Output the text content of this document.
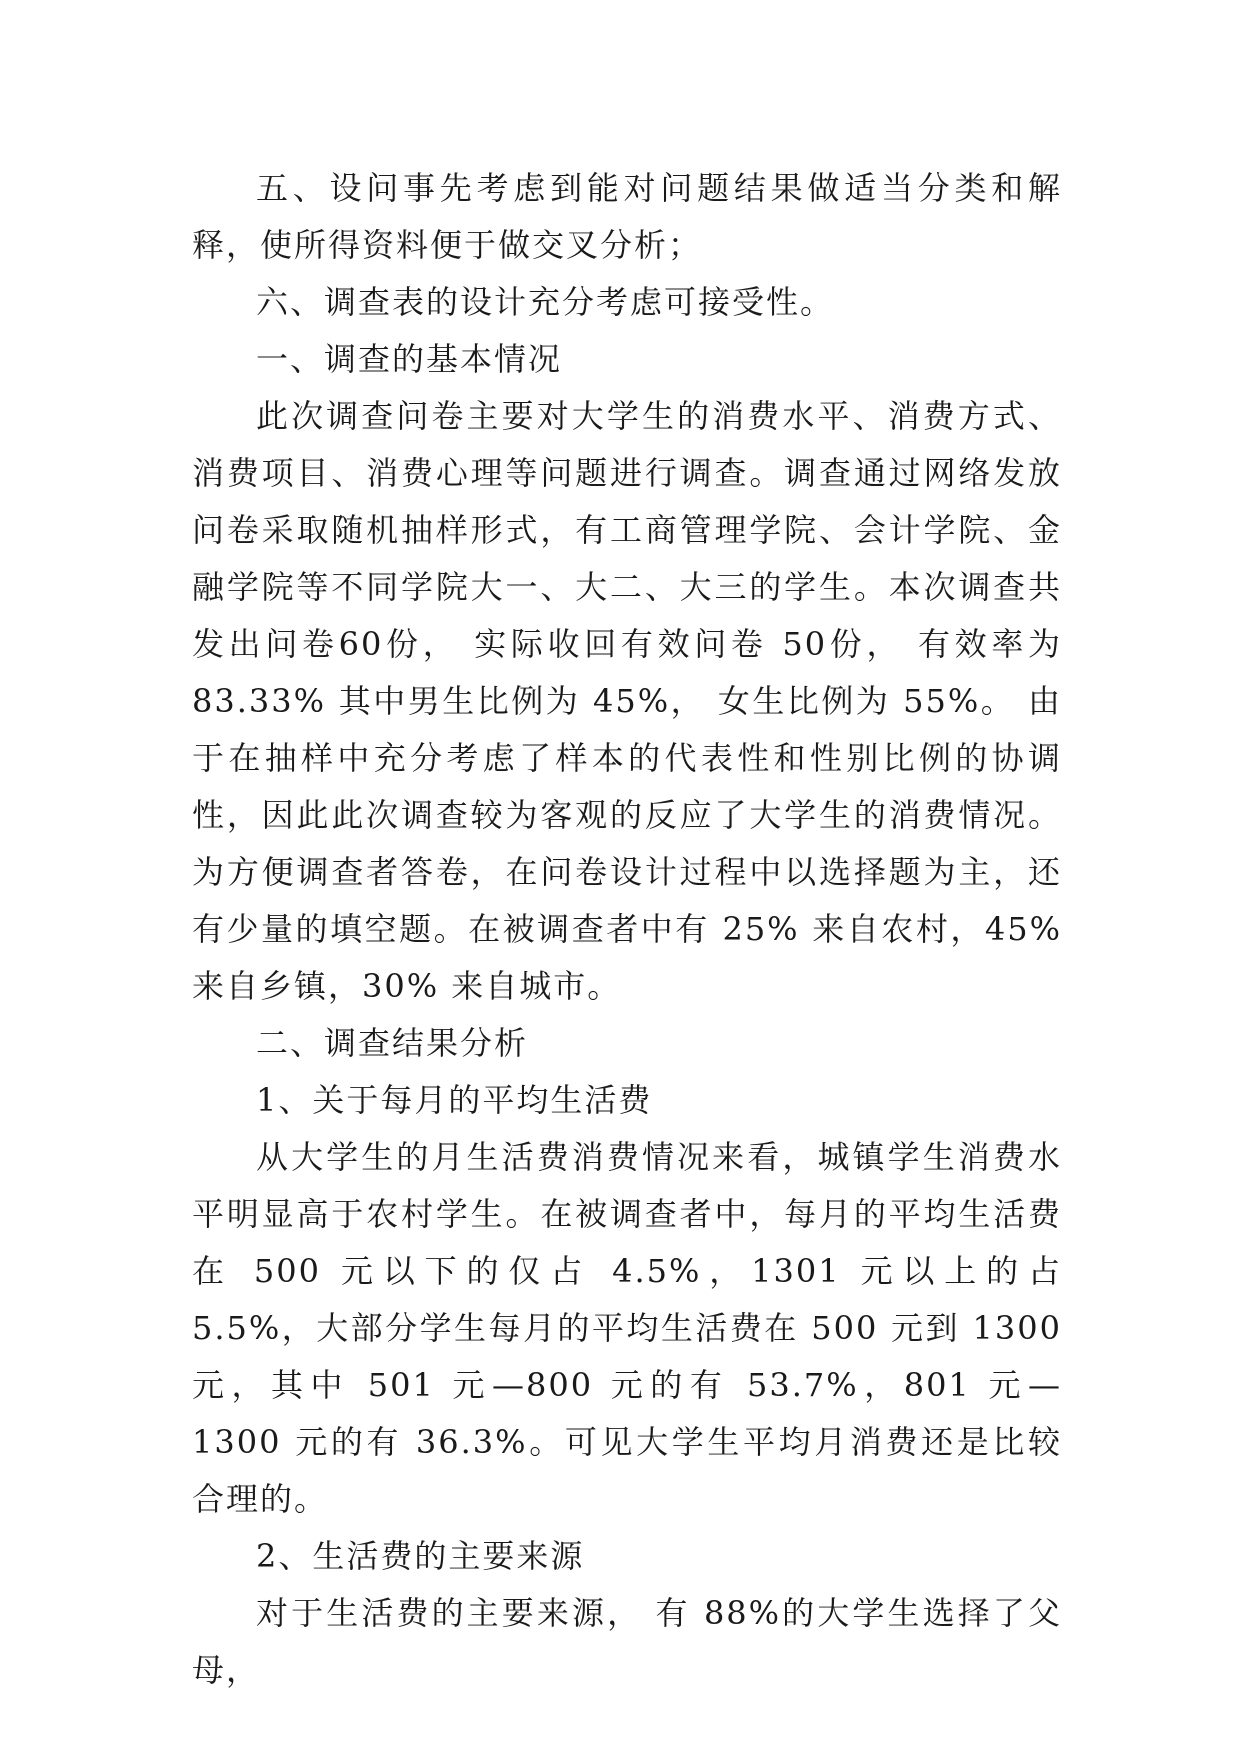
五、设问事先考虑到能对问题结果做适当分类和解释，使所得资料便于做交叉分析；

六、调查表的设计充分考虑可接受性。

一、调查的基本情况

此次调查问卷主要对大学生的消费水平、消费方式、消费项目、消费心理等问题进行调查。调查通过网络发放问卷采取随机抽样形式，有工商管理学院、会计学院、金融学院等不同学院大一、大二、大三的学生。本次调查共发出问卷60份， 实际收回有效问卷 50份， 有效率为 83.33% 其中男生比例为 45%， 女生比例为 55%。 由于在抽样中充分考虑了样本的代表性和性别比例的协调性，因此此次调查较为客观的反应了大学生的消费情况。为方便调查者答卷，在问卷设计过程中以选择题为主，还有少量的填空题。在被调查者中有 25% 来自农村，45% 来自乡镇，30% 来自城市。

二、调查结果分析

1、关于每月的平均生活费

从大学生的月生活费消费情况来看，城镇学生消费水平明显高于农村学生。在被调查者中，每月的平均生活费在 500 元以下的仅占 4.5%，1301 元以上的占 5.5%，大部分学生每月的平均生活费在 500 元到 1300 元，其中 501 元—800 元的有 53.7%，801 元—1300 元的有 36.3%。可见大学生平均月消费还是比较合理的。

2、生活费的主要来源

对于生活费的主要来源， 有 88%的大学生选择了父母，
